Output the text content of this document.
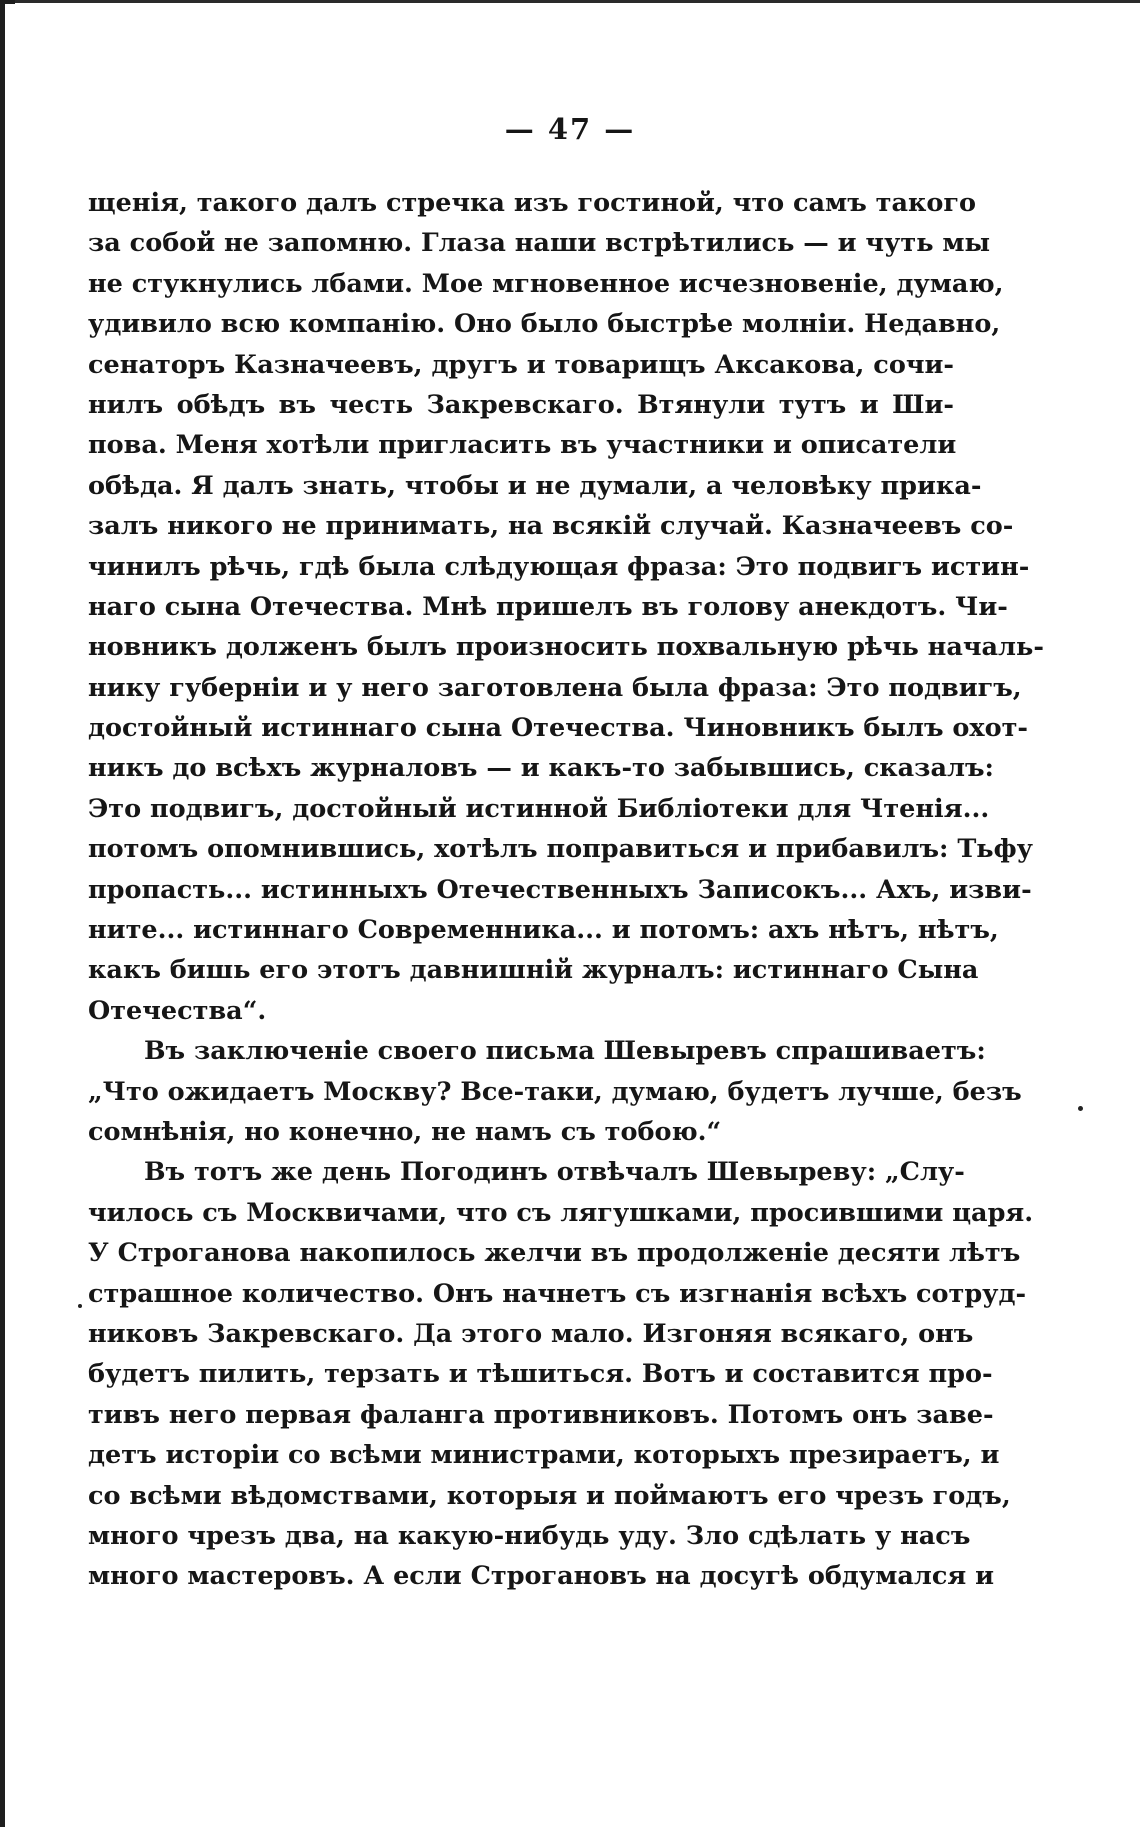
— 47 —
щенія, такого далъ стречка изъ гостиной, что самъ такого
за собой не запомню. Глаза наши встрѣтились — и чуть мы
не стукнулись лбами. Мое мгновенное исчезновеніе, думаю,
удивило всю компанію. Оно было быстрѣе молніи. Недавно,
сенаторъ Казначеевъ, другъ и товарищъ Аксакова, сочи-
нилъ обѣдъ въ честь Закревскаго. Втянули тутъ и Ши-
пова. Меня хотѣли пригласить въ участники и описатели
обѣда. Я далъ знать, чтобы и не думали, а человѣку прика-
залъ никого не принимать, на всякій случай. Казначеевъ со-
чинилъ рѣчь, гдѣ была слѣдующая фраза: Это подвигъ истин-
наго сына Отечества. Мнѣ пришелъ въ голову анекдотъ. Чи-
новникъ долженъ былъ произносить похвальную рѣчь началь-
нику губерніи и у него заготовлена была фраза: Это подвигъ,
достойный истиннаго сына Отечества. Чиновникъ былъ охот-
никъ до всѣхъ журналовъ — и какъ-то забывшись, сказалъ:
Это подвигъ, достойный истинной Библіотеки для Чтенія...
потомъ опомнившись, хотѣлъ поправиться и прибавилъ: Тьфу
пропасть... истинныхъ Отечественныхъ Записокъ... Ахъ, изви-
ните... истиннаго Современника... и потомъ: ахъ нѣтъ, нѣтъ,
какъ бишь его этотъ давнишній журналъ: истиннаго Сына
Отечества“.
Въ заключеніе своего письма Шевыревъ спрашиваетъ:
„Что ожидаетъ Москву? Все-таки, думаю, будетъ лучше, безъ
сомнѣнія, но конечно, не намъ съ тобою.“
Въ тотъ же день Погодинъ отвѣчалъ Шевыреву: „Слу-
чилось съ Москвичами, что съ лягушками, просившими царя.
У Строганова накопилось желчи въ продолженіе десяти лѣтъ
страшное количество. Онъ начнетъ съ изгнанія всѣхъ сотруд-
никовъ Закревскаго. Да этого мало. Изгоняя всякаго, онъ
будетъ пилить, терзать и тѣшиться. Вотъ и составится про-
тивъ него первая фаланга противниковъ. Потомъ онъ заве-
детъ исторіи со всѣми министрами, которыхъ презираетъ, и
со всѣми вѣдомствами, которыя и поймаютъ его чрезъ годъ,
много чрезъ два, на какую-нибудь уду. Зло сдѣлать у насъ
много мастеровъ. А если Строгановъ на досугѣ обдумался и
